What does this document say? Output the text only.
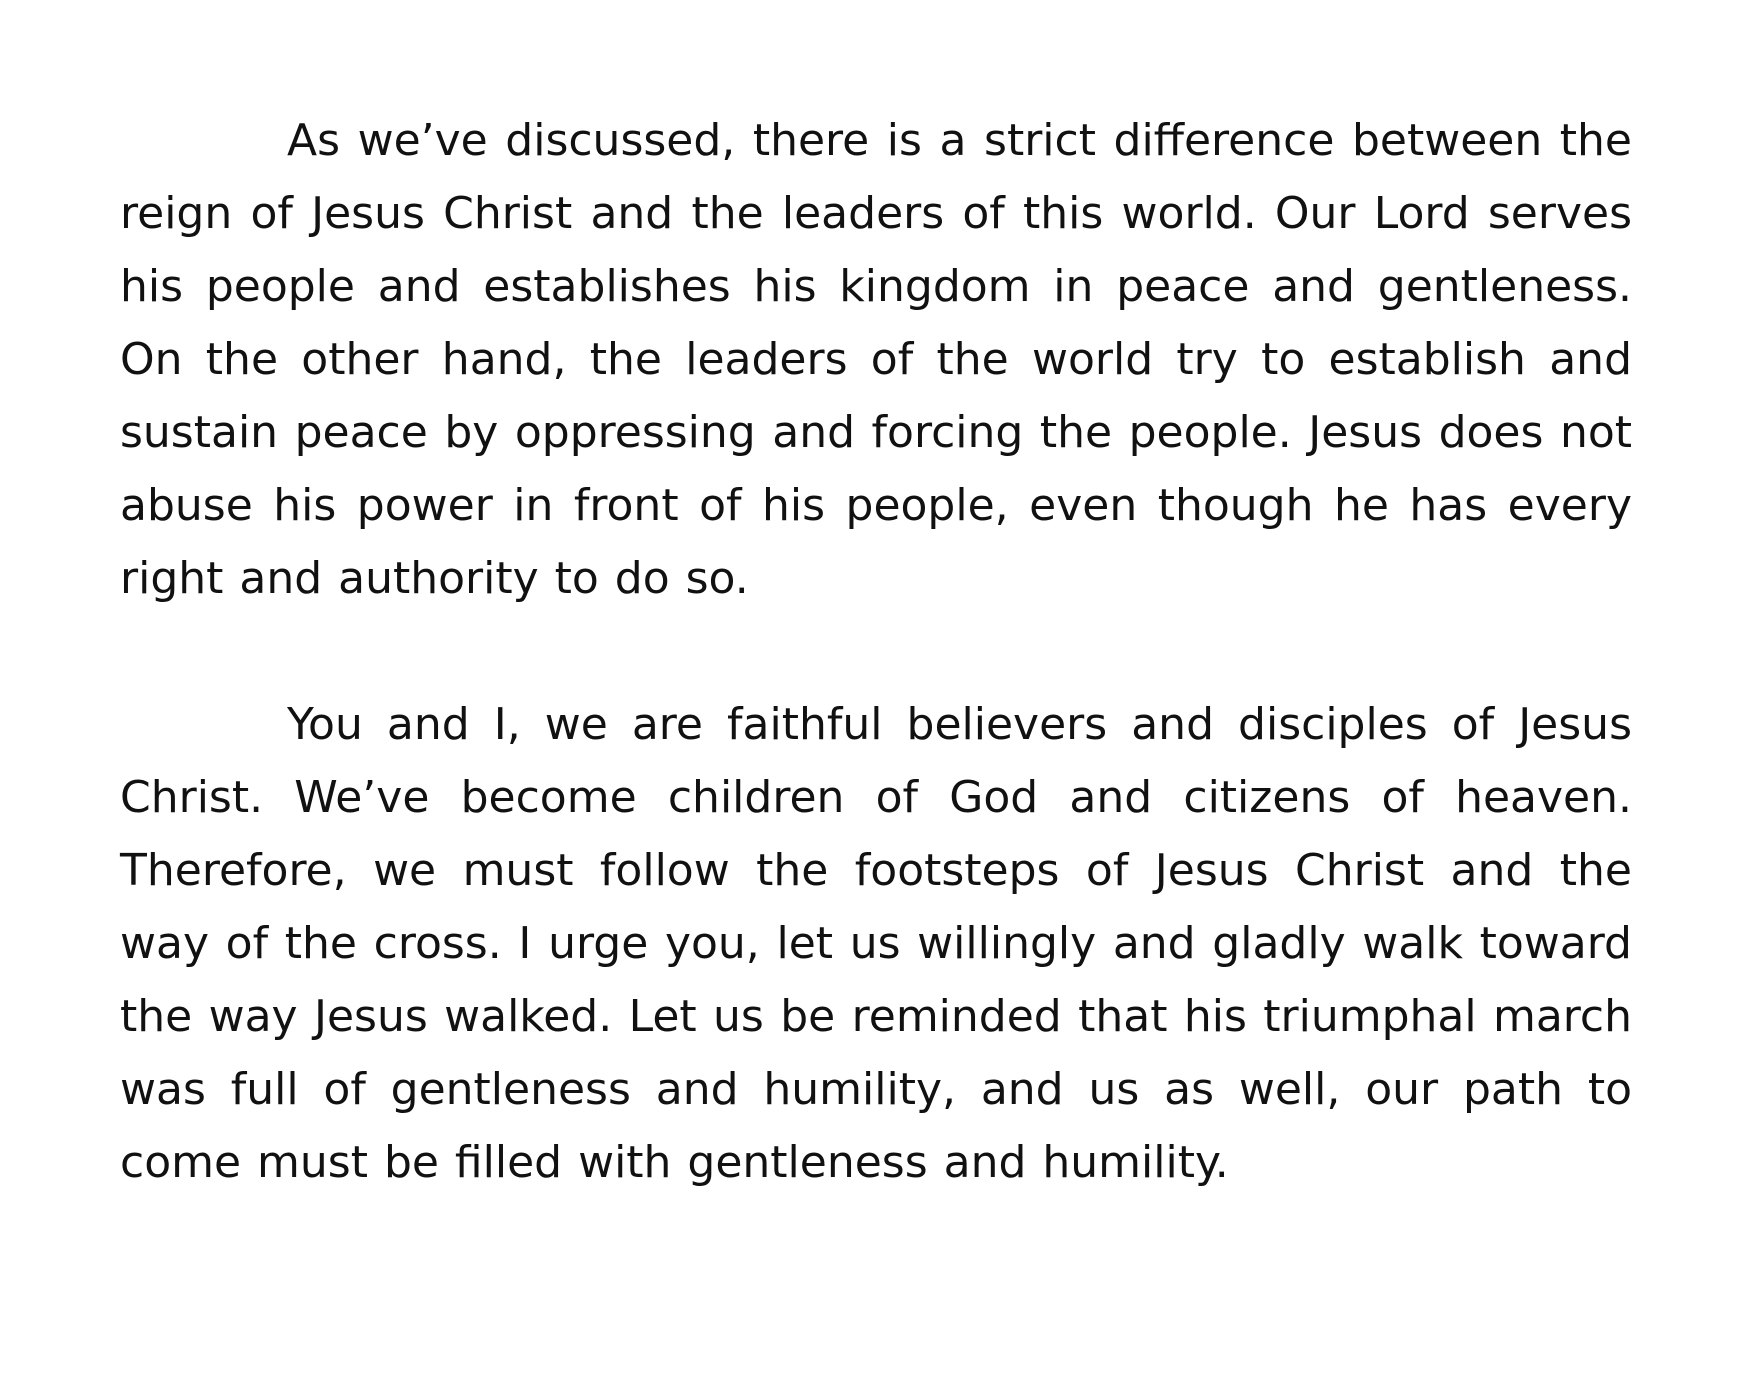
As we’ve discussed, there is a strict difference between the reign of Jesus Christ and the leaders of this world. Our Lord serves his people and establishes his kingdom in peace and gentleness. On the other hand, the leaders of the world try to establish and sustain peace by oppressing and forcing the people. Jesus does not abuse his power in front of his people, even though he has every right and authority to do so.

You and I, we are faithful believers and disciples of Jesus Christ. We’ve become children of God and citizens of heaven. Therefore, we must follow the footsteps of Jesus Christ and the way of the cross. I urge you, let us willingly and gladly walk toward the way Jesus walked. Let us be reminded that his triumphal march was full of gentleness and humility, and us as well, our path to come must be filled with gentleness and humility.
